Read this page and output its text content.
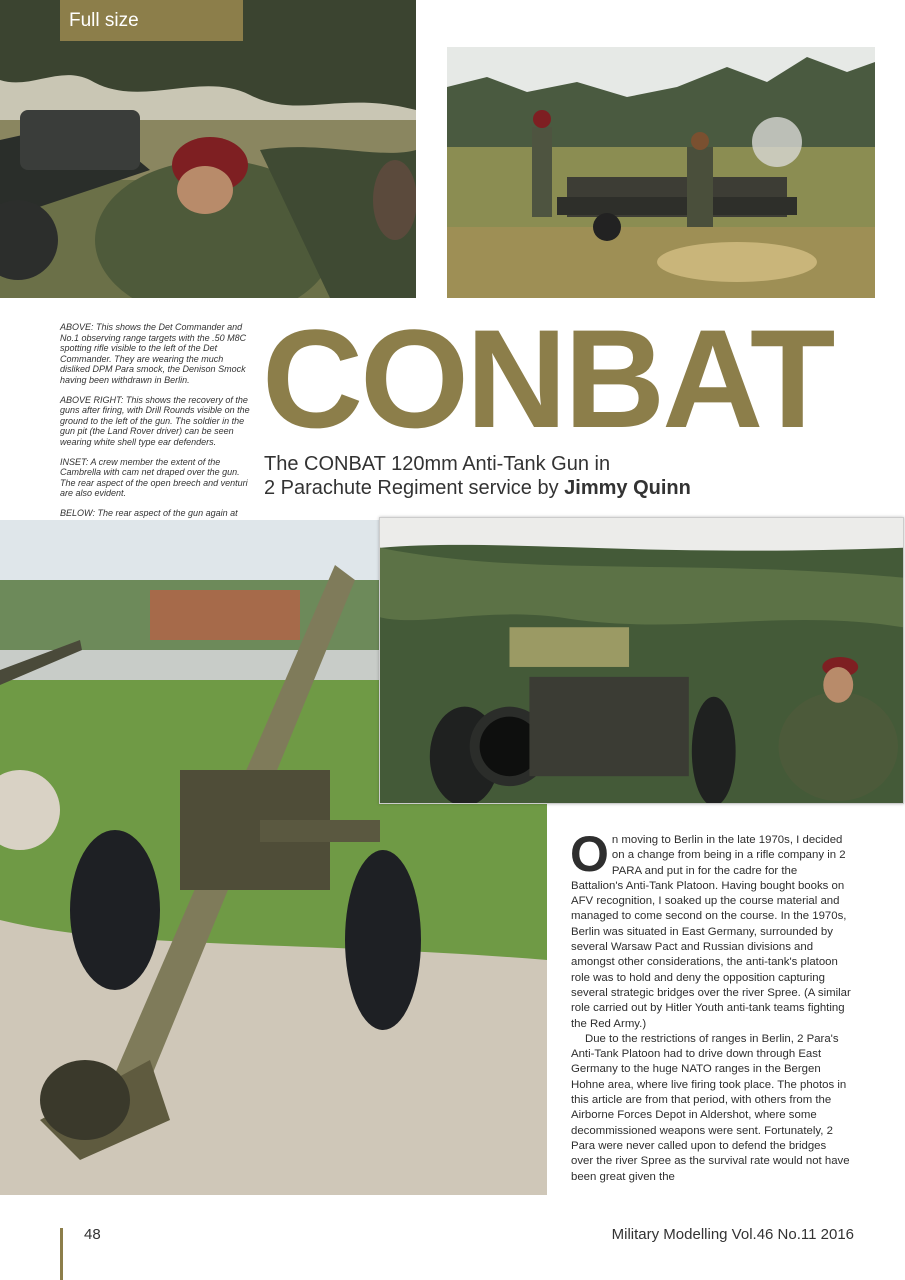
Full size

ABOVE: This shows the Det Commander and No.1 observing range targets with the .50 M8C spotting rifle visible to the left of the Det Commander. They are wearing the much disliked DPM Para smock, the Denison Smock having been withdrawn in Berlin.

ABOVE RIGHT: This shows the recovery of the guns after firing, with Drill Rounds visible on the ground to the left of the gun. The soldier in the gun pit (the Land Rover driver) can be seen wearing white shell type ear defenders.

INSET: A crew member the extent of the Cambrella with cam net draped over the gun. The rear aspect of the open breech and venturi are also evident.

BELOW: The rear aspect of the gun again at

CONBAT
The CONBAT 120mm Anti-Tank Gun in
2 Parachute Regiment service by Jimmy Quinn

On moving to Berlin in the late 1970s, I decided on a change from being in a rifle company in 2 PARA and put in for the cadre for the Battalion's Anti-Tank Platoon. Having bought books on AFV recognition, I soaked up the course material and managed to come second on the course. In the 1970s, Berlin was situated in East Germany, surrounded by several Warsaw Pact and Russian divisions and amongst other considerations, the anti-tank's platoon role was to hold and deny the opposition capturing several strategic bridges over the river Spree. (A similar role carried out by Hitler Youth anti-tank teams fighting the Red Army.)

Due to the restrictions of ranges in Berlin, 2 Para's Anti-Tank Platoon had to drive down through East Germany to the huge NATO ranges in the Bergen Hohne area, where live firing took place. The photos in this article are from that period, with others from the Airborne Forces Depot in Aldershot, where some decommissioned weapons were sent. Fortunately, 2 Para were never called upon to defend the bridges over the river Spree as the survival rate would not have been great given the

48	Military Modelling Vol.46 No.11 2016
